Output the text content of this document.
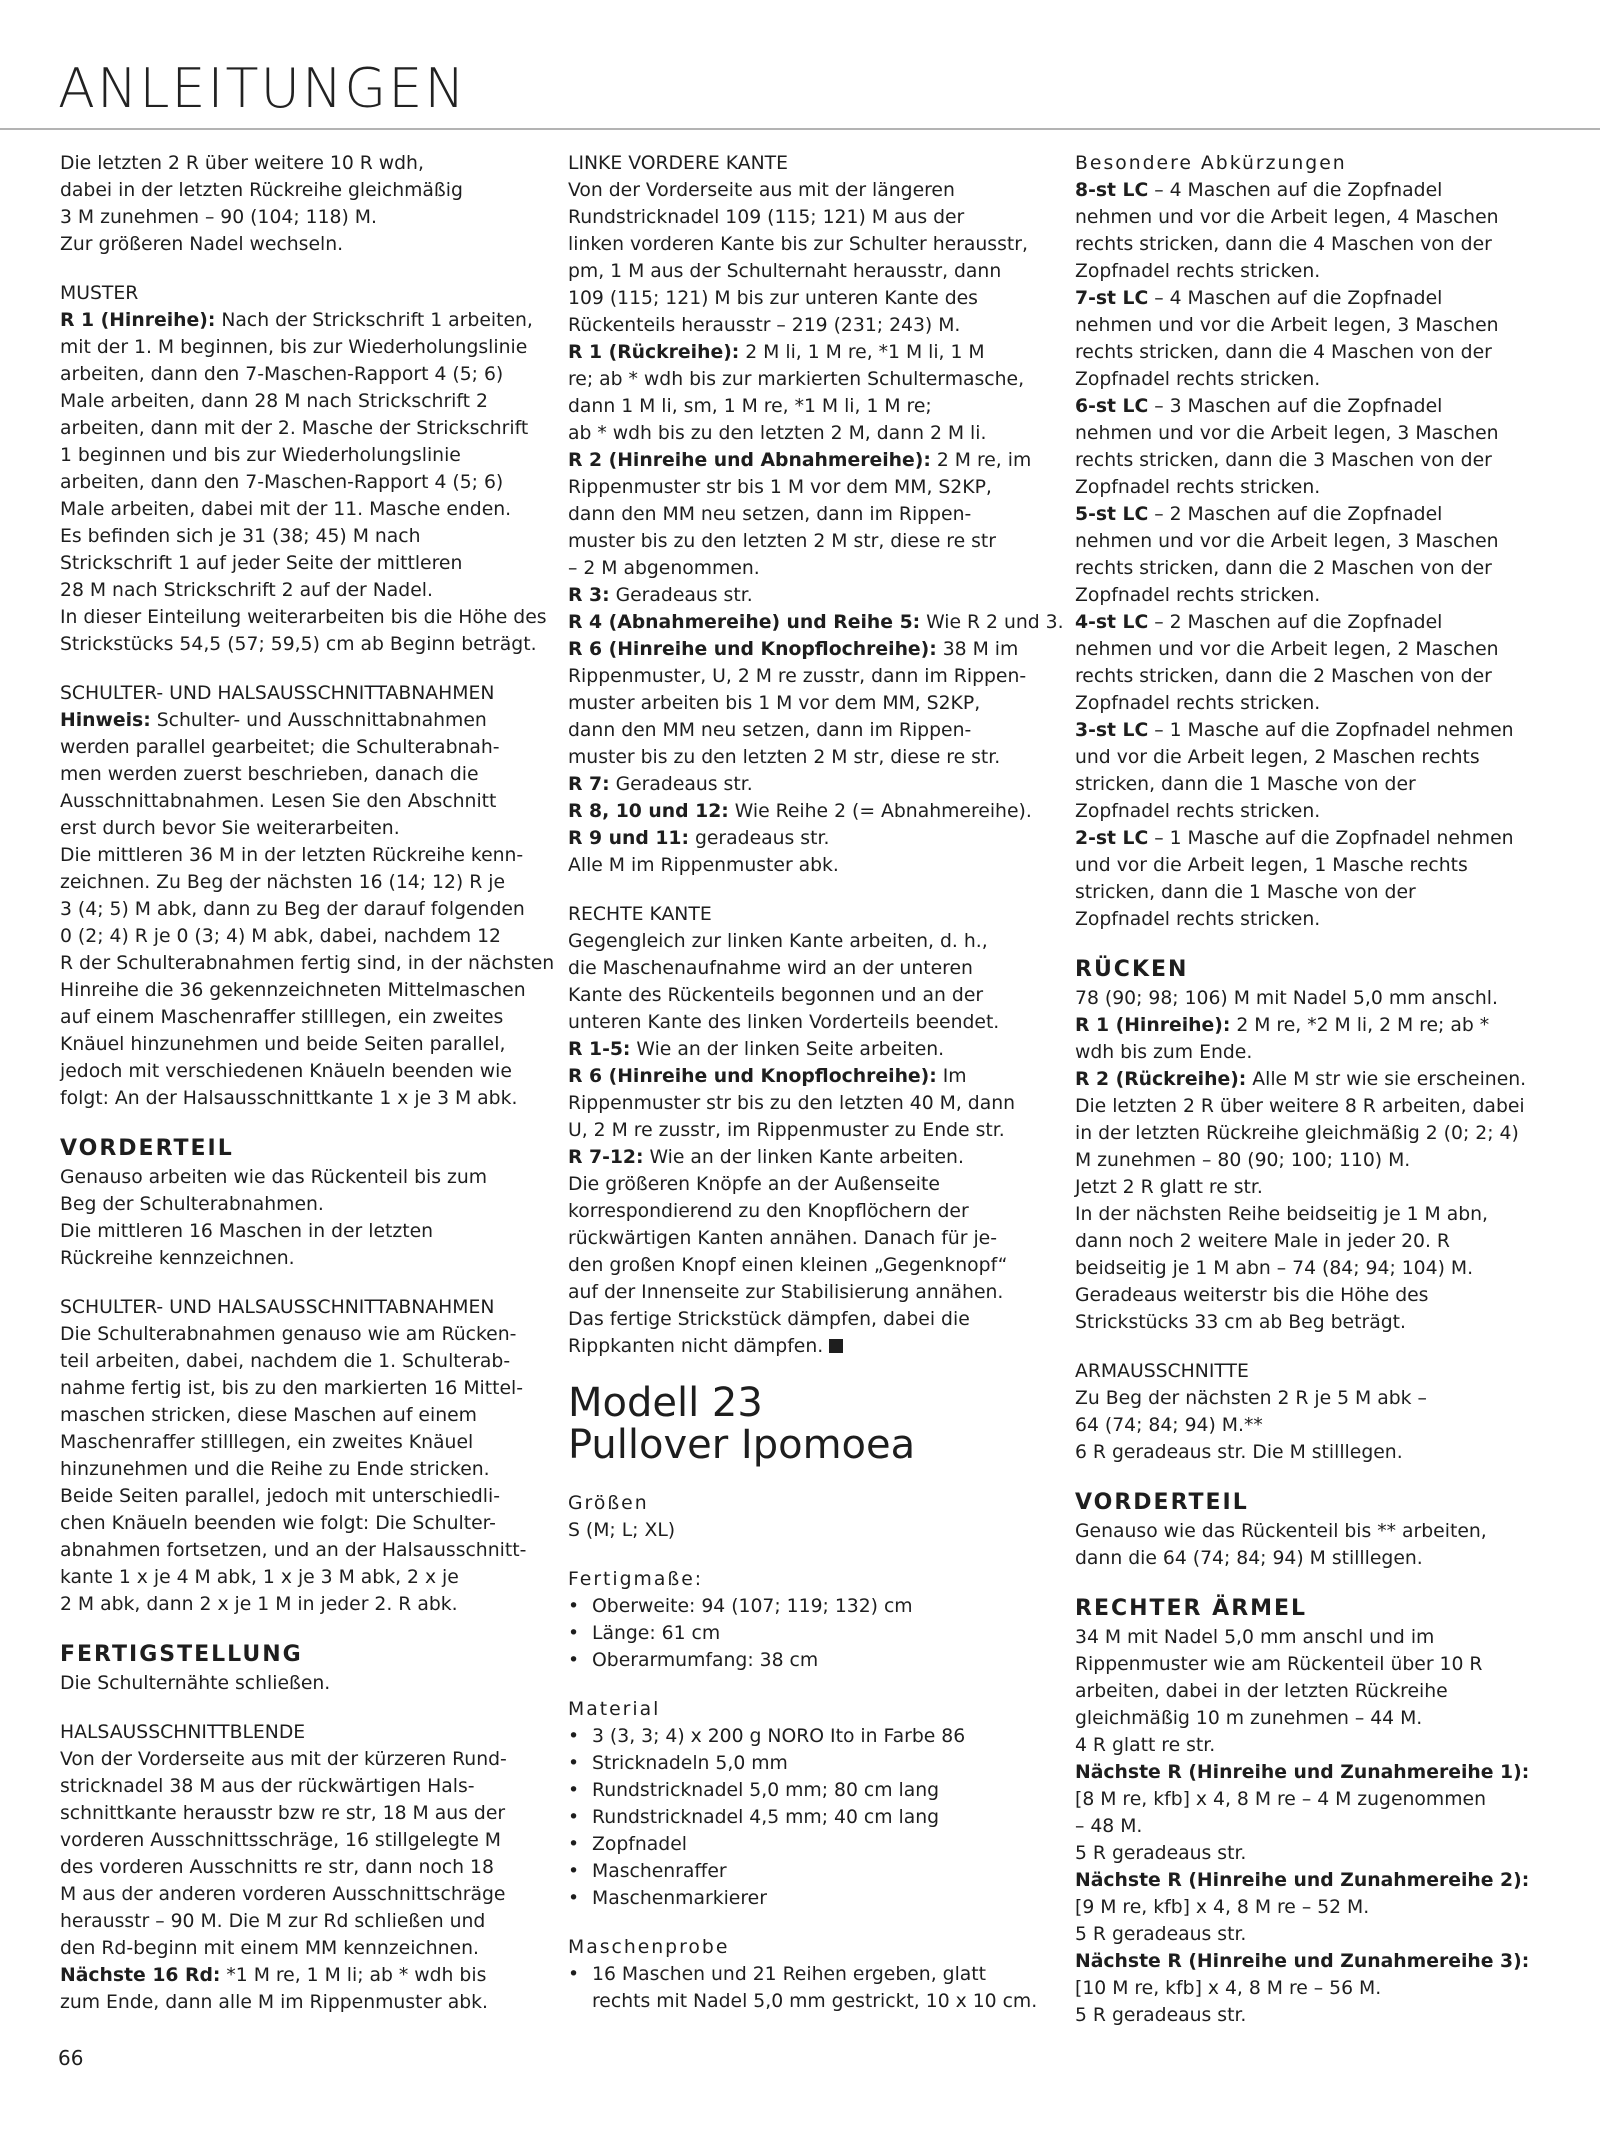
ANLEITUNGEN
Die letzten 2 R über weitere 10 R wdh,
dabei in der letzten Rückreihe gleichmäßig
3 M zunehmen – 90 (104; 118) M.
Zur größeren Nadel wechseln.
MUSTER
R 1 (Hinreihe): Nach der Strickschrift 1 arbeiten,
mit der 1. M beginnen, bis zur Wiederholungslinie
arbeiten, dann den 7-Maschen-Rapport 4 (5; 6)
Male arbeiten, dann 28 M nach Strickschrift 2
arbeiten, dann mit der 2. Masche der Strickschrift
1 beginnen und bis zur Wiederholungslinie
arbeiten, dann den 7-Maschen-Rapport 4 (5; 6)
Male arbeiten, dabei mit der 11. Masche enden.
Es befinden sich je 31 (38; 45) M nach
Strickschrift 1 auf jeder Seite der mittleren
28 M nach Strickschrift 2 auf der Nadel.
In dieser Einteilung weiterarbeiten bis die Höhe des
Strickstücks 54,5 (57; 59,5) cm ab Beginn beträgt.
SCHULTER- UND HALSAUSSCHNITTABNAHMEN
Hinweis: Schulter- und Ausschnittabnahmen
werden parallel gearbeitet; die Schulterabnah-
men werden zuerst beschrieben, danach die
Ausschnittabnahmen. Lesen Sie den Abschnitt
erst durch bevor Sie weiterarbeiten.
Die mittleren 36 M in der letzten Rückreihe kenn-
zeichnen. Zu Beg der nächsten 16 (14; 12) R je
3 (4; 5) M abk, dann zu Beg der darauf folgenden
0 (2; 4) R je 0 (3; 4) M abk, dabei, nachdem 12
R der Schulterabnahmen fertig sind, in der nächsten
Hinreihe die 36 gekennzeichneten Mittelmaschen
auf einem Maschenraffer stilllegen, ein zweites
Knäuel hinzunehmen und beide Seiten parallel,
jedoch mit verschiedenen Knäueln beenden wie
folgt: An der Halsausschnittkante 1 x je 3 M abk.
VORDERTEIL
Genauso arbeiten wie das Rückenteil bis zum
Beg der Schulterabnahmen.
Die mittleren 16 Maschen in der letzten
Rückreihe kennzeichnen.
SCHULTER- UND HALSAUSSCHNITTABNAHMEN
Die Schulterabnahmen genauso wie am Rücken-
teil arbeiten, dabei, nachdem die 1. Schulterab-
nahme fertig ist, bis zu den markierten 16 Mittel-
maschen stricken, diese Maschen auf einem
Maschenraffer stilllegen, ein zweites Knäuel
hinzunehmen und die Reihe zu Ende stricken.
Beide Seiten parallel, jedoch mit unterschiedli-
chen Knäueln beenden wie folgt: Die Schulter-
abnahmen fortsetzen, und an der Halsausschnitt-
kante 1 x je 4 M abk, 1 x je 3 M abk, 2 x je
2 M abk, dann 2 x je 1 M in jeder 2. R abk.
FERTIGSTELLUNG
Die Schulternähte schließen.
HALSAUSSCHNITTBLENDE
Von der Vorderseite aus mit der kürzeren Rund-
stricknadel 38 M aus der rückwärtigen Hals-
schnittkante herausstr bzw re str, 18 M aus der
vorderen Ausschnittsschräge, 16 stillgelegte M
des vorderen Ausschnitts re str, dann noch 18
M aus der anderen vorderen Ausschnittschräge
herausstr – 90 M. Die M zur Rd schließen und
den Rd-beginn mit einem MM kennzeichnen.
Nächste 16 Rd: *1 M re, 1 M li; ab * wdh bis
zum Ende, dann alle M im Rippenmuster abk.
LINKE VORDERE KANTE
Von der Vorderseite aus mit der längeren
Rundstricknadel 109 (115; 121) M aus der
linken vorderen Kante bis zur Schulter herausstr,
pm, 1 M aus der Schulternaht herausstr, dann
109 (115; 121) M bis zur unteren Kante des
Rückenteils herausstr – 219 (231; 243) M.
R 1 (Rückreihe): 2 M li, 1 M re, *1 M li, 1 M
re; ab * wdh bis zur markierten Schultermasche,
dann 1 M li, sm, 1 M re, *1 M li, 1 M re;
ab * wdh bis zu den letzten 2 M, dann 2 M li.
R 2 (Hinreihe und Abnahmereihe): 2 M re, im
Rippenmuster str bis 1 M vor dem MM, S2KP,
dann den MM neu setzen, dann im Rippen-
muster bis zu den letzten 2 M str, diese re str
– 2 M abgenommen.
R 3: Geradeaus str.
R 4 (Abnahmereihe) und Reihe 5: Wie R 2 und 3.
R 6 (Hinreihe und Knopflochreihe): 38 M im
Rippenmuster, U, 2 M re zusstr, dann im Rippen-
muster arbeiten bis 1 M vor dem MM, S2KP,
dann den MM neu setzen, dann im Rippen-
muster bis zu den letzten 2 M str, diese re str.
R 7: Geradeaus str.
R 8, 10 und 12: Wie Reihe 2 (= Abnahmereihe).
R 9 und 11: geradeaus str.
Alle M im Rippenmuster abk.
RECHTE KANTE
Gegengleich zur linken Kante arbeiten, d. h.,
die Maschenaufnahme wird an der unteren
Kante des Rückenteils begonnen und an der
unteren Kante des linken Vorderteils beendet.
R 1-5: Wie an der linken Seite arbeiten.
R 6 (Hinreihe und Knopflochreihe): Im
Rippenmuster str bis zu den letzten 40 M, dann
U, 2 M re zusstr, im Rippenmuster zu Ende str.
R 7-12: Wie an der linken Kante arbeiten.
Die größeren Knöpfe an der Außenseite
korrespondierend zu den Knopflöchern der
rückwärtigen Kanten annähen. Danach für je-
den großen Knopf einen kleinen „Gegenknopf“
auf der Innenseite zur Stabilisierung annähen.
Das fertige Strickstück dämpfen, dabei die
Rippkanten nicht dämpfen.
Modell 23
Pullover Ipomoea
Größen
S (M; L; XL)
Fertigmaße:
• Oberweite: 94 (107; 119; 132) cm
• Länge: 61 cm
• Oberarmumfang: 38 cm
Material
• 3 (3, 3; 4) x 200 g NORO Ito in Farbe 86
• Stricknadeln 5,0 mm
• Rundstricknadel 5,0 mm; 80 cm lang
• Rundstricknadel 4,5 mm; 40 cm lang
• Zopfnadel
• Maschenraffer
• Maschenmarkierer
Maschenprobe
• 16 Maschen und 21 Reihen ergeben, glatt
rechts mit Nadel 5,0 mm gestrickt, 10 x 10 cm.
Besondere Abkürzungen
8-st LC – 4 Maschen auf die Zopfnadel
nehmen und vor die Arbeit legen, 4 Maschen
rechts stricken, dann die 4 Maschen von der
Zopfnadel rechts stricken.
7-st LC – 4 Maschen auf die Zopfnadel
nehmen und vor die Arbeit legen, 3 Maschen
rechts stricken, dann die 4 Maschen von der
Zopfnadel rechts stricken.
6-st LC – 3 Maschen auf die Zopfnadel
nehmen und vor die Arbeit legen, 3 Maschen
rechts stricken, dann die 3 Maschen von der
Zopfnadel rechts stricken.
5-st LC – 2 Maschen auf die Zopfnadel
nehmen und vor die Arbeit legen, 3 Maschen
rechts stricken, dann die 2 Maschen von der
Zopfnadel rechts stricken.
4-st LC – 2 Maschen auf die Zopfnadel
nehmen und vor die Arbeit legen, 2 Maschen
rechts stricken, dann die 2 Maschen von der
Zopfnadel rechts stricken.
3-st LC – 1 Masche auf die Zopfnadel nehmen
und vor die Arbeit legen, 2 Maschen rechts
stricken, dann die 1 Masche von der
Zopfnadel rechts stricken.
2-st LC – 1 Masche auf die Zopfnadel nehmen
und vor die Arbeit legen, 1 Masche rechts
stricken, dann die 1 Masche von der
Zopfnadel rechts stricken.
RÜCKEN
78 (90; 98; 106) M mit Nadel 5,0 mm anschl.
R 1 (Hinreihe): 2 M re, *2 M li, 2 M re; ab *
wdh bis zum Ende.
R 2 (Rückreihe): Alle M str wie sie erscheinen.
Die letzten 2 R über weitere 8 R arbeiten, dabei
in der letzten Rückreihe gleichmäßig 2 (0; 2; 4)
M zunehmen – 80 (90; 100; 110) M.
Jetzt 2 R glatt re str.
In der nächsten Reihe beidseitig je 1 M abn,
dann noch 2 weitere Male in jeder 20. R
beidseitig je 1 M abn – 74 (84; 94; 104) M.
Geradeaus weiterstr bis die Höhe des
Strickstücks 33 cm ab Beg beträgt.
ARMAUSSCHNITTE
Zu Beg der nächsten 2 R je 5 M abk –
64 (74; 84; 94) M.**
6 R geradeaus str. Die M stilllegen.
VORDERTEIL
Genauso wie das Rückenteil bis ** arbeiten,
dann die 64 (74; 84; 94) M stilllegen.
RECHTER ÄRMEL
34 M mit Nadel 5,0 mm anschl und im
Rippenmuster wie am Rückenteil über 10 R
arbeiten, dabei in der letzten Rückreihe
gleichmäßig 10 m zunehmen – 44 M.
4 R glatt re str.
Nächste R (Hinreihe und Zunahmereihe 1):
[8 M re, kfb] x 4, 8 M re – 4 M zugenommen
– 48 M.
5 R geradeaus str.
Nächste R (Hinreihe und Zunahmereihe 2):
[9 M re, kfb] x 4, 8 M re – 52 M.
5 R geradeaus str.
Nächste R (Hinreihe und Zunahmereihe 3):
[10 M re, kfb] x 4, 8 M re – 56 M.
5 R geradeaus str.
66
